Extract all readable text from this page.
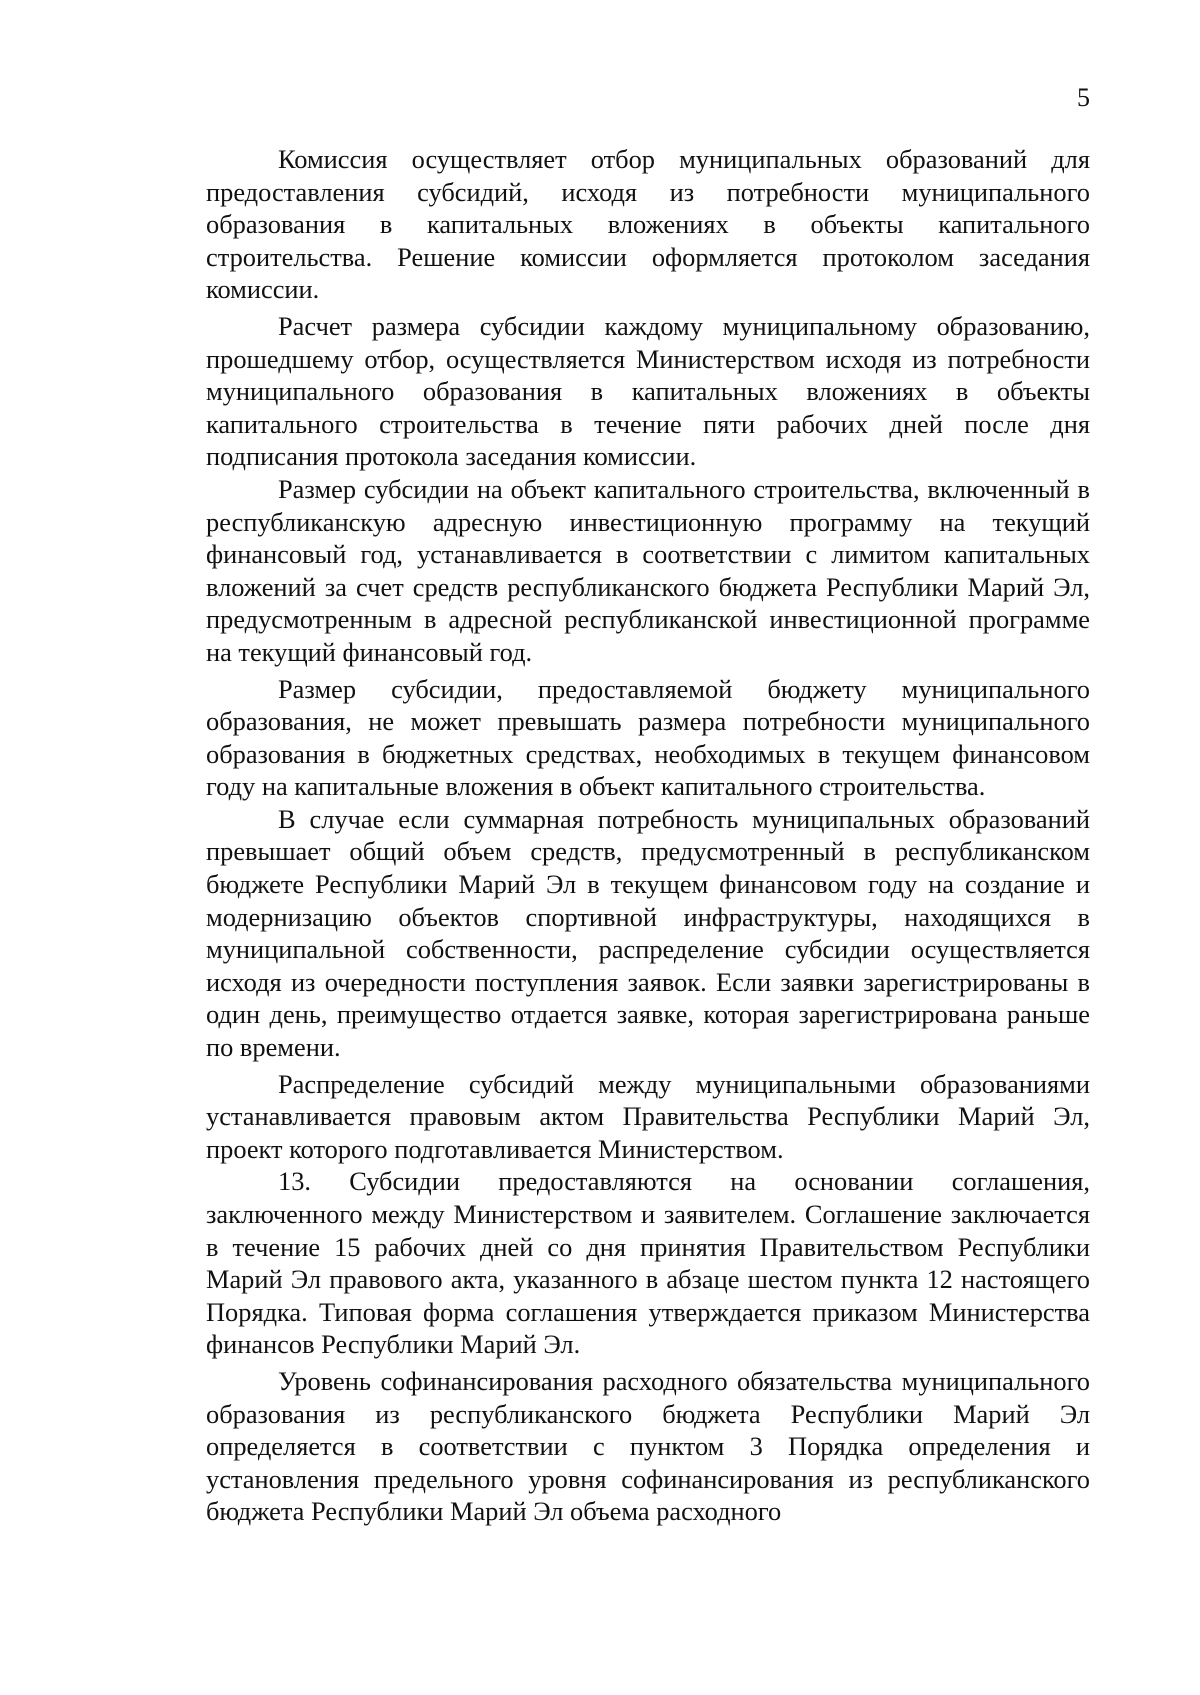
5

Комиссия осуществляет отбор муниципальных образований для предоставления субсидий, исходя из потребности муниципального образования в капитальных вложениях в объекты капитального строительства. Решение комиссии оформляется протоколом заседания комиссии.

Расчет размера субсидии каждому муниципальному образованию, прошедшему отбор, осуществляется Министерством исходя из потребности муниципального образования в капитальных вложениях в объекты капитального строительства в течение пяти рабочих дней после дня подписания протокола заседания комиссии.

Размер субсидии на объект капитального строительства, включенный в республиканскую адресную инвестиционную программу на текущий финансовый год, устанавливается в соответствии с лимитом капитальных вложений за счет средств республиканского бюджета Республики Марий Эл, предусмотренным в адресной республиканской инвестиционной программе на текущий финансовый год.

Размер субсидии, предоставляемой бюджету муниципального образования, не может превышать размера потребности муниципального образования в бюджетных средствах, необходимых в текущем финансовом году на капитальные вложения в объект капитального строительства.

В случае если суммарная потребность муниципальных образований превышает общий объем средств, предусмотренный в республиканском бюджете Республики Марий Эл в текущем финансовом году на создание и модернизацию объектов спортивной инфраструктуры, находящихся в муниципальной собственности, распределение субсидии осуществляется исходя из очередности поступления заявок. Если заявки зарегистрированы в один день, преимущество отдается заявке, которая зарегистрирована раньше по времени.

Распределение субсидий между муниципальными образованиями устанавливается правовым актом Правительства Республики Марий Эл, проект которого подготавливается Министерством.

13. Субсидии предоставляются на основании соглашения, заключенного между Министерством и заявителем. Соглашение заключается в течение 15 рабочих дней со дня принятия Правительством Республики Марий Эл правового акта, указанного в абзаце шестом пункта 12 настоящего Порядка. Типовая форма соглашения утверждается приказом Министерства финансов Республики Марий Эл.

Уровень софинансирования расходного обязательства муниципального образования из республиканского бюджета Республики Марий Эл определяется в соответствии с пунктом 3 Порядка определения и установления предельного уровня софинансирования из республиканского бюджета Республики Марий Эл объема расходного
